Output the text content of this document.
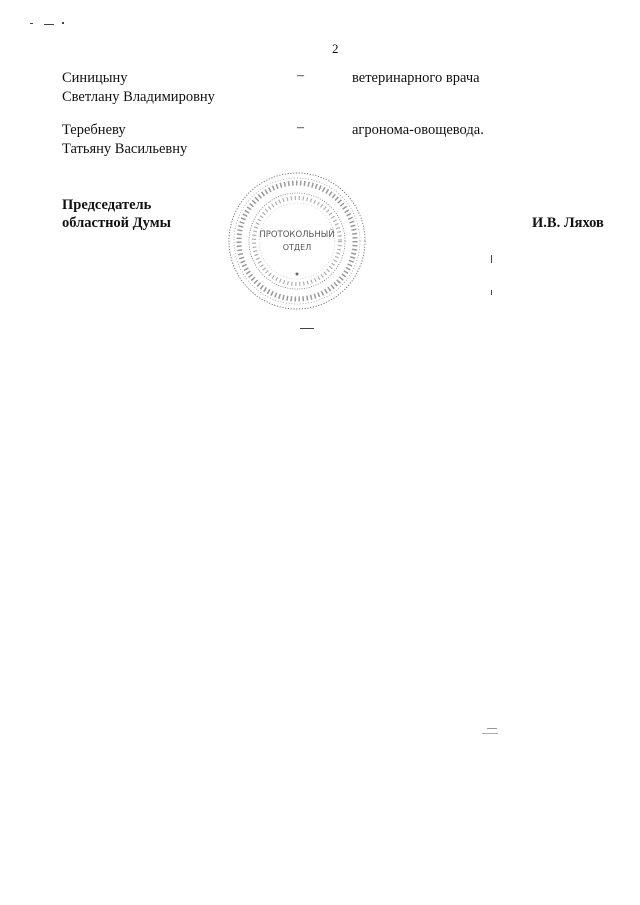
2
Синицыну
Светлану Владимировну
–	ветеринарного врача
Теребневу
Татьяну Васильевну
–	агронома-овощевода.
Председатель
областной Думы	И.В. Ляхов
ПРОТОКОЛЬНЫЙ
ОТДЕЛ
